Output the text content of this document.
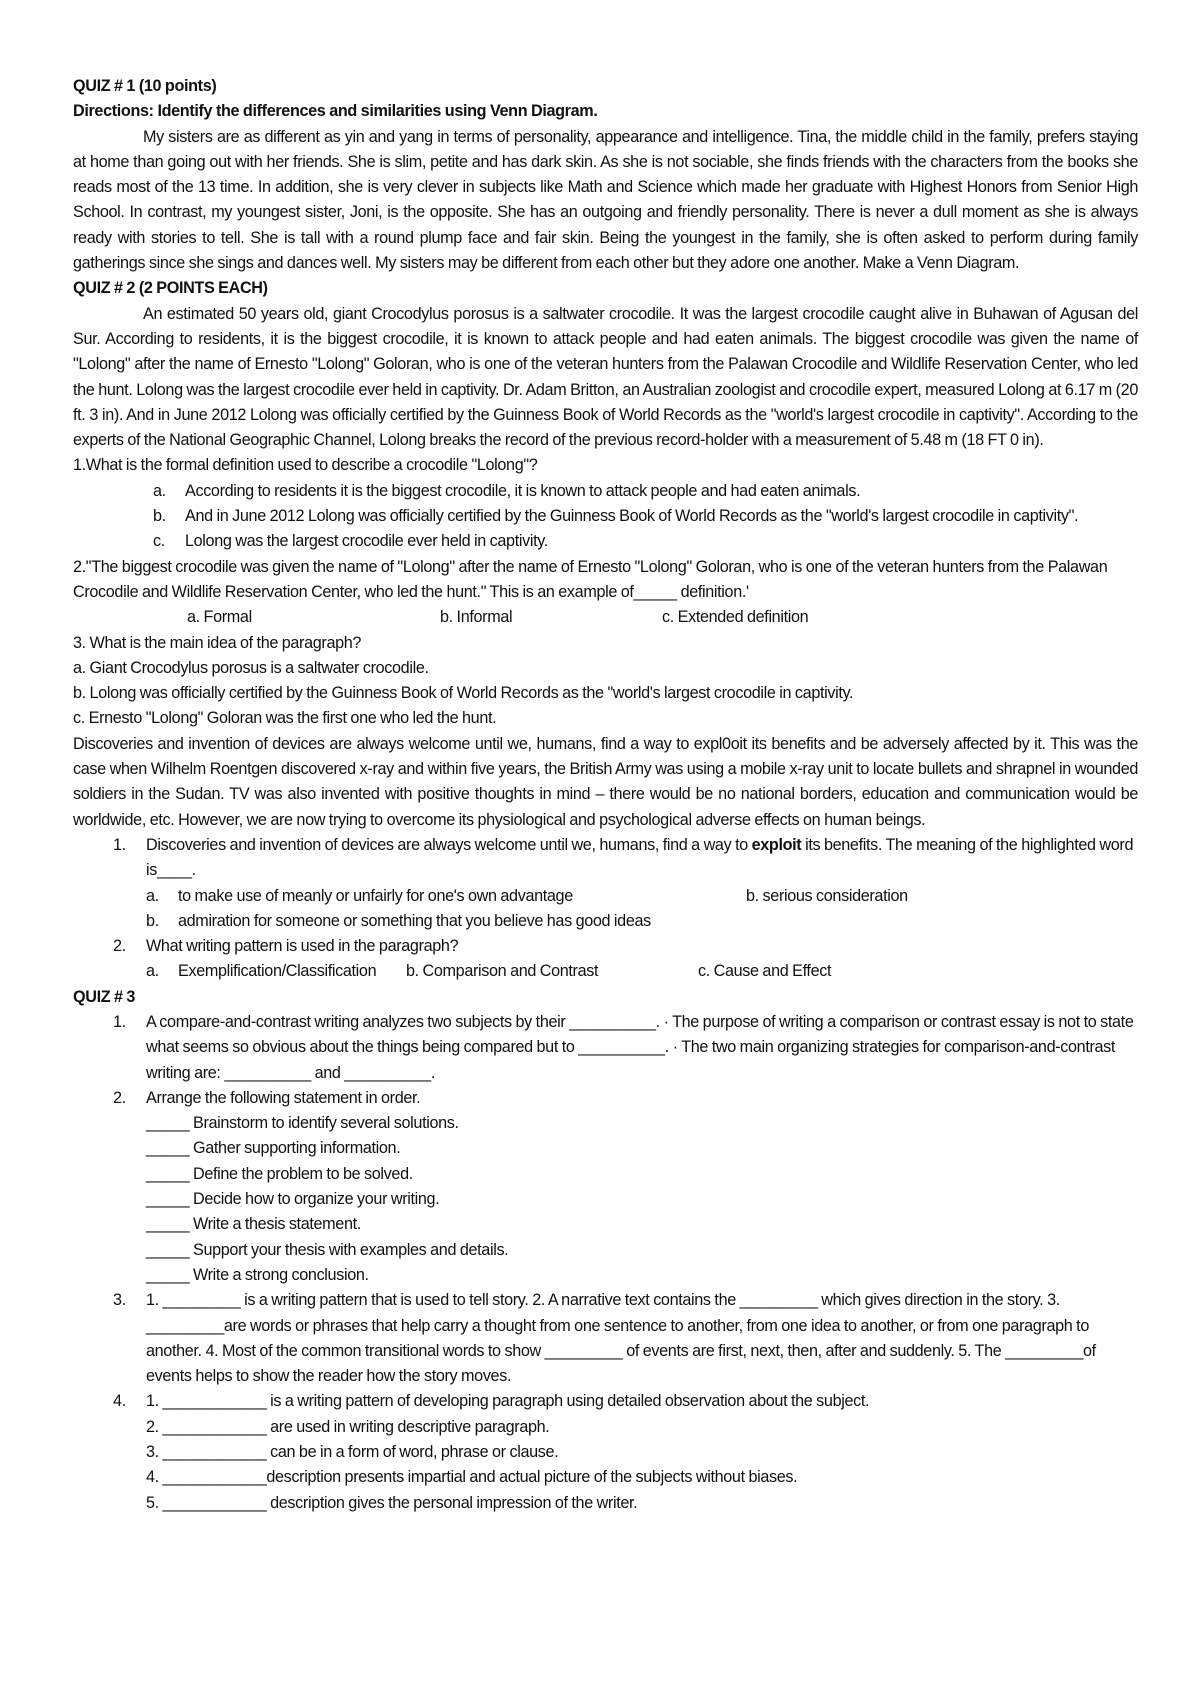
QUIZ # 1 (10 points)

Directions: Identify the differences and similarities using Venn Diagram.

My sisters are as different as yin and yang in terms of personality, appearance and intelligence. Tina, the middle child in the family, prefers staying at home than going out with her friends. She is slim, petite and has dark skin. As she is not sociable, she finds friends with the characters from the books she reads most of the 13 time. In addition, she is very clever in subjects like Math and Science which made her graduate with Highest Honors from Senior High School. In contrast, my youngest sister, Joni, is the opposite. She has an outgoing and friendly personality. There is never a dull moment as she is always ready with stories to tell. She is tall with a round plump face and fair skin. Being the youngest in the family, she is often asked to perform during family gatherings since she sings and dances well. My sisters may be different from each other but they adore one another. Make a Venn Diagram.

QUIZ # 2 (2 POINTS EACH)

An estimated 50 years old, giant Crocodylus porosus is a saltwater crocodile. It was the largest crocodile caught alive in Buhawan of Agusan del Sur. According to residents, it is the biggest crocodile, it is known to attack people and had eaten animals. The biggest crocodile was given the name of "Lolong" after the name of Ernesto "Lolong" Goloran, who is one of the veteran hunters from the Palawan Crocodile and Wildlife Reservation Center, who led the hunt. Lolong was the largest crocodile ever held in captivity. Dr. Adam Britton, an Australian zoologist and crocodile expert, measured Lolong at 6.17 m (20 ft. 3 in). And in June 2012 Lolong was officially certified by the Guinness Book of World Records as the "world's largest crocodile in captivity". According to the experts of the National Geographic Channel, Lolong breaks the record of the previous record-holder with a measurement of 5.48 m (18 FT 0 in).

1.What is the formal definition used to describe a crocodile "Lolong"?

a.	According to residents it is the biggest crocodile, it is known to attack people and had eaten animals.
b.	And in June 2012 Lolong was officially certified by the Guinness Book of World Records as the "world's largest crocodile in captivity".
c.	Lolong was the largest crocodile ever held in captivity.

2."The biggest crocodile was given the name of "Lolong" after the name of Ernesto "Lolong" Goloran, who is one of the veteran hunters from the Palawan Crocodile and Wildlife Reservation Center, who led the hunt." This is an example of_____ definition.'

a. Formal	b. Informal	c. Extended definition

3. What is the main idea of the paragraph?

a. Giant Crocodylus porosus is a saltwater crocodile.

b. Lolong was officially certified by the Guinness Book of World Records as the "world's largest crocodile in captivity.

c. Ernesto "Lolong" Goloran was the first one who led the hunt.

Discoveries and invention of devices are always welcome until we, humans, find a way to expl0oit its benefits and be adversely affected by it. This was the case when Wilhelm Roentgen discovered x-ray and within five years, the British Army was using a mobile x-ray unit to locate bullets and shrapnel in wounded soldiers in the Sudan. TV was also invented with positive thoughts in mind – there would be no national borders, education and communication would be worldwide, etc. However, we are now trying to overcome its physiological and psychological adverse effects on human beings.

1.	Discoveries and invention of devices are always welcome until we, humans, find a way to exploit its benefits. The meaning of the highlighted word is____.
a.	to make use of meanly or unfairly for one's own advantage	b. serious consideration
b.	admiration for someone or something that you believe has good ideas
2.	What writing pattern is used in the paragraph?
a.	Exemplification/Classification	b. Comparison and Contrast	c. Cause and Effect

QUIZ # 3

1.	A compare-and-contrast writing analyzes two subjects by their __________. · The purpose of writing a comparison or contrast essay is not to state what seems so obvious about the things being compared but to __________. · The two main organizing strategies for comparison-and-contrast writing are: __________ and __________.
2.	Arrange the following statement in order.
_____ Brainstorm to identify several solutions.
_____ Gather supporting information.
_____ Define the problem to be solved.
_____ Decide how to organize your writing.
_____ Write a thesis statement.
_____ Support your thesis with examples and details.
_____ Write a strong conclusion.
3.	1. _________ is a writing pattern that is used to tell story. 2. A narrative text contains the _________ which gives direction in the story. 3. _________are words or phrases that help carry a thought from one sentence to another, from one idea to another, or from one paragraph to another. 4. Most of the common transitional words to show _________ of events are first, next, then, after and suddenly. 5. The _________of events helps to show the reader how the story moves.
4.	1. ____________ is a writing pattern of developing paragraph using detailed observation about the subject.
2. ____________ are used in writing descriptive paragraph.
3. ____________ can be in a form of word, phrase or clause.
4. ____________description presents impartial and actual picture of the subjects without biases.
5. ____________ description gives the personal impression of the writer.
